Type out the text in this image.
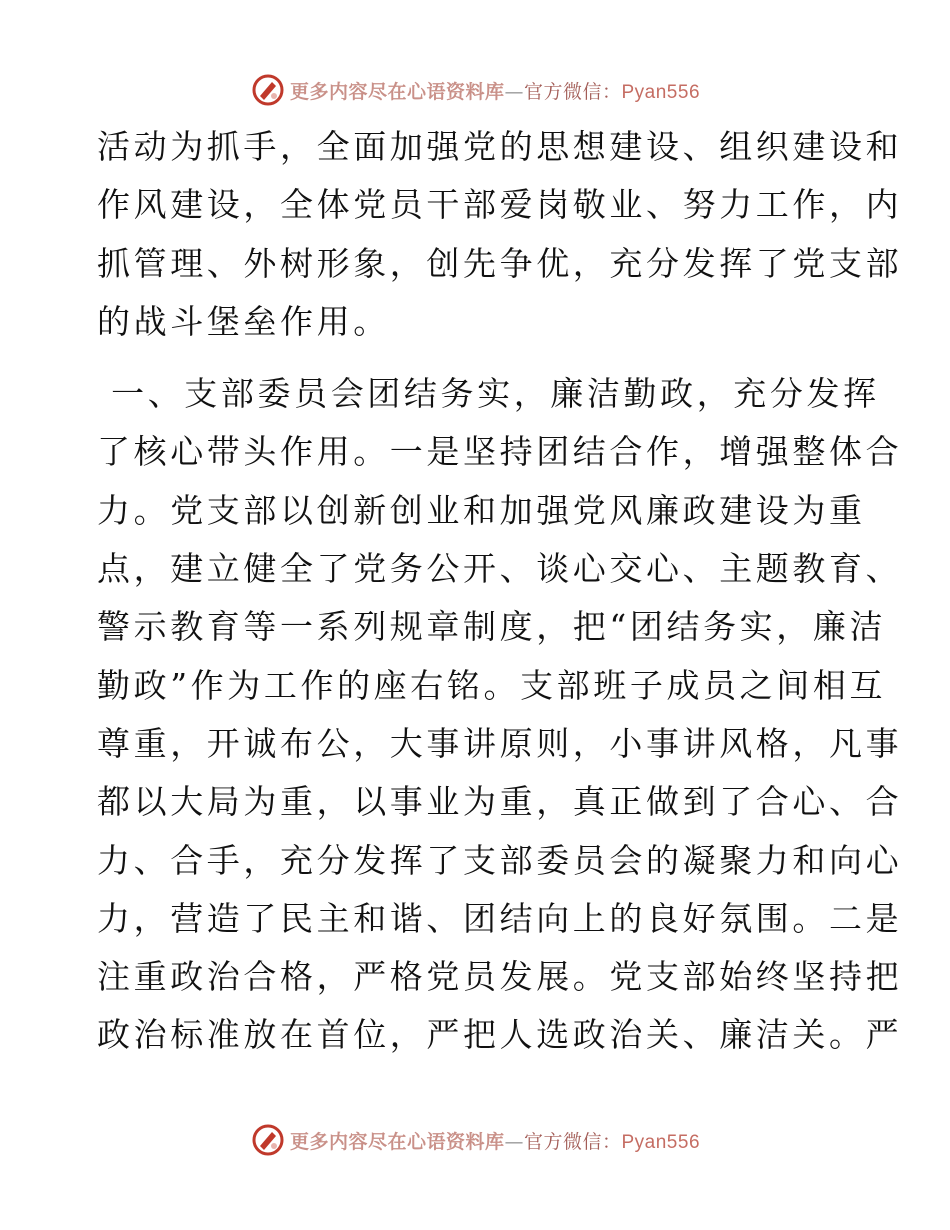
更多内容尽在心语资料库—官方微信：Pyan556
活动为抓手，全面加强党的思想建设、组织建设和
作风建设，全体党员干部爱岗敬业、努力工作，内
抓管理、外树形象，创先争优，充分发挥了党支部
的战斗堡垒作用。
一、支部委员会团结务实，廉洁勤政，充分发挥
了核心带头作用。一是坚持团结合作，增强整体合
力。党支部以创新创业和加强党风廉政建设为重
点，建立健全了党务公开、谈心交心、主题教育、
警示教育等一系列规章制度，把“团结务实，廉洁
勤政”作为工作的座右铭。支部班子成员之间相互
尊重，开诚布公，大事讲原则，小事讲风格，凡事
都以大局为重，以事业为重，真正做到了合心、合
力、合手，充分发挥了支部委员会的凝聚力和向心
力，营造了民主和谐、团结向上的良好氛围。二是
注重政治合格，严格党员发展。党支部始终坚持把
政治标准放在首位，严把人选政治关、廉洁关。严
更多内容尽在心语资料库—官方微信：Pyan556
